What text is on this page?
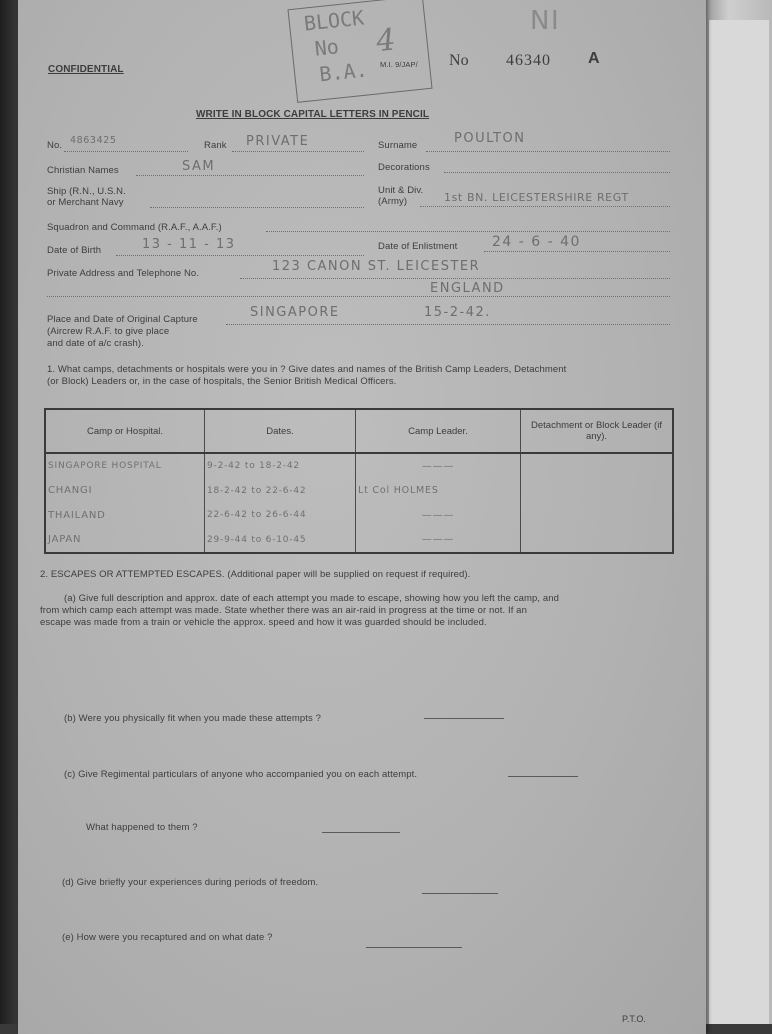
BLOCK
No
B.A.
4
CONFIDENTIAL	M.I. 9/JAP/ No 46340 A
NI
WRITE IN BLOCK CAPITAL LETTERS IN PENCIL
No. 4863425	Rank PRIVATE	Surname	POULTON
Christian Names	SAM	Decorations
Ship (R.N., U.S.N.
or Merchant Navy
Unit & Div.
(Army)	1st BN. LEICESTERSHIRE REGT
Squadron and Command (R.A.F., A.A.F.)
Date of Birth	13 - 11 - 13	Date of Enlistment 24 - 6 - 40
Private Address and Telephone No.	123 CANON ST. LEICESTER
ENGLAND
Place and Date of Original Capture
(Aircrew R.A.F. to give place
and date of a/c crash).
SINGAPORE	15-2-42.
1. What camps, detachments or hospitals were you in ? Give dates and names of the British Camp Leaders, Detachment
(or Block) Leaders or, in the case of hospitals, the Senior British Medical Officers.
Camp or Hospital.	Dates.	Camp Leader.	Detachment or Block Leader (if any).
SINGAPORE HOSPITAL	9-2-42 to 18-2-42	———	
CHANGI	18-2-42 to 22-6-42	Lt Col HOLMES	
THAILAND	22-6-42 to 26-6-44	———	
JAPAN	29-9-44 to 6-10-45	———	
2. ESCAPES OR ATTEMPTED ESCAPES. (Additional paper will be supplied on request if required).
(a) Give full description and approx. date of each attempt you made to escape, showing how you left the camp, and
from which camp each attempt was made. State whether there was an air-raid in progress at the time or not. If an
escape was made from a train or vehicle the approx. speed and how it was guarded should be included.
(b) Were you physically fit when you made these attempts ?
(c) Give Regimental particulars of anyone who accompanied you on each attempt.
What happened to them ?
(d) Give briefly your experiences during periods of freedom.
(e) How were you recaptured and on what date ?
P.T.O.
